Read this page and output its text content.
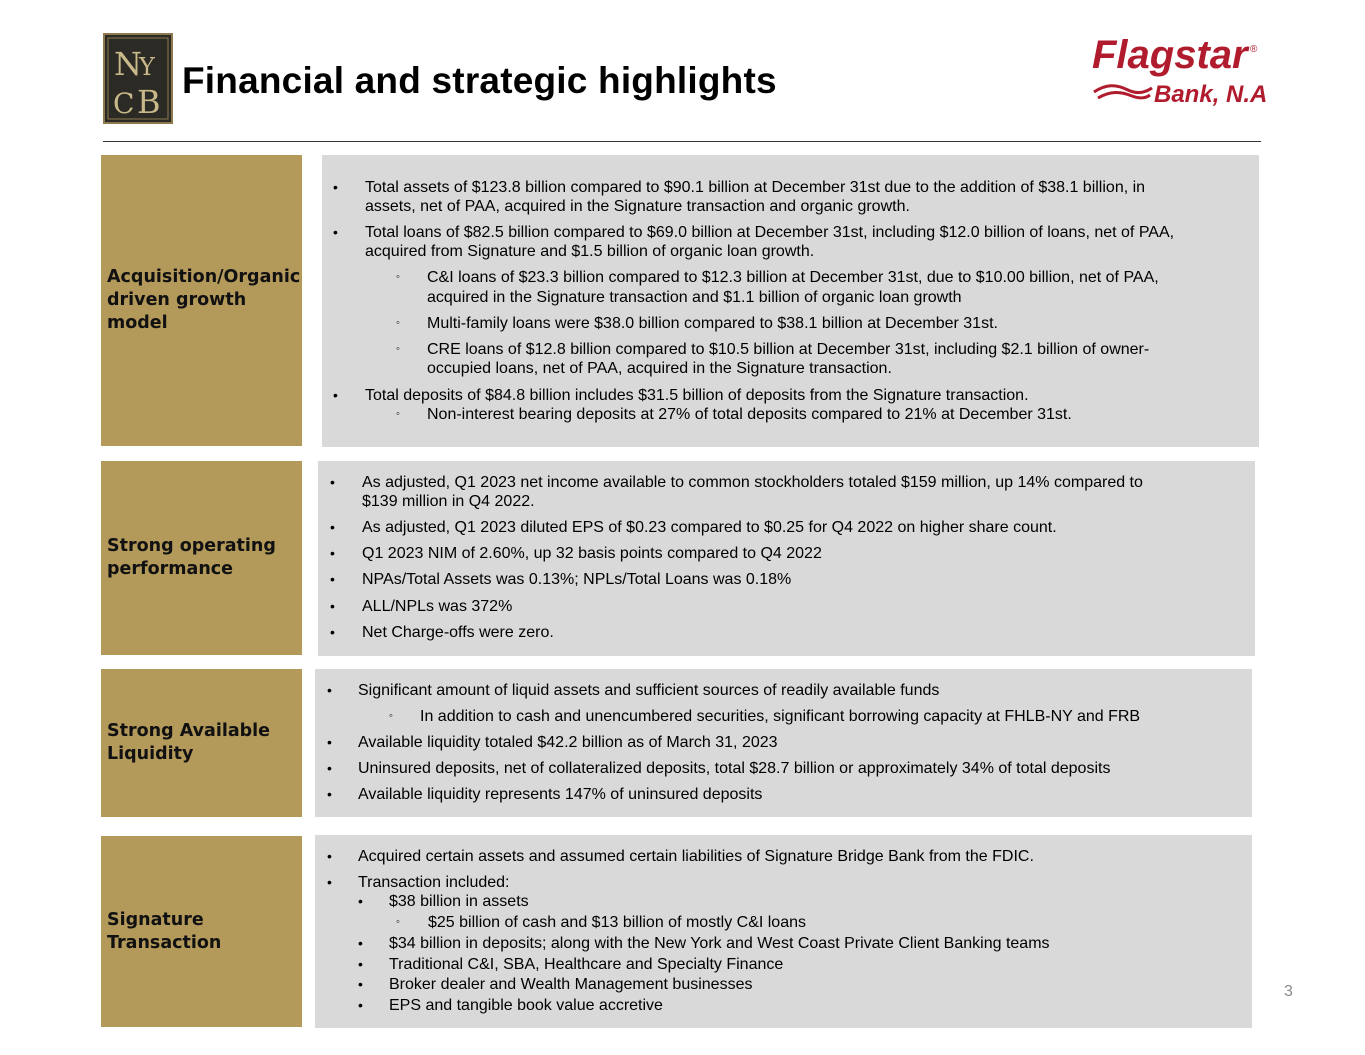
N
Y
C B
Financial and strategic highlights
Flagstar ®
Bank, N.A.
Acquisition/Organic driven growth model
• Total assets of $123.8 billion compared to $90.1 billion at December 31st due to the addition of $38.1 billion, in
assets, net of PAA, acquired in the Signature transaction and organic growth.
• Total loans of $82.5 billion compared to $69.0 billion at December 31st, including $12.0 billion of loans, net of PAA,
acquired from Signature and $1.5 billion of organic loan growth.
◦ C&I loans of $23.3 billion compared to $12.3 billion at December 31st, due to $10.00 billion, net of PAA,
acquired in the Signature transaction and $1.1 billion of organic loan growth
◦ Multi-family loans were $38.0 billion compared to $38.1 billion at December 31st.
◦ CRE loans of $12.8 billion compared to $10.5 billion at December 31st, including $2.1 billion of owner-
occupied loans, net of PAA, acquired in the Signature transaction.
• Total deposits of $84.8 billion includes $31.5 billion of deposits from the Signature transaction.
◦ Non-interest bearing deposits at 27% of total deposits compared to 21% at December 31st.
Strong operating performance
• As adjusted, Q1 2023 net income available to common stockholders totaled $159 million, up 14% compared to
$139 million in Q4 2022.
• As adjusted, Q1 2023 diluted EPS of $0.23 compared to $0.25 for Q4 2022 on higher share count.
• Q1 2023 NIM of 2.60%, up 32 basis points compared to Q4 2022
• NPAs/Total Assets was 0.13%; NPLs/Total Loans was 0.18%
• ALL/NPLs was 372%
• Net Charge-offs were zero.
Strong Available Liquidity
• Significant amount of liquid assets and sufficient sources of readily available funds
◦ In addition to cash and unencumbered securities, significant borrowing capacity at FHLB-NY and FRB
• Available liquidity totaled $42.2 billion as of March 31, 2023
• Uninsured deposits, net of collateralized deposits, total $28.7 billion or approximately 34% of total deposits
• Available liquidity represents 147% of uninsured deposits
Signature Transaction
• Acquired certain assets and assumed certain liabilities of Signature Bridge Bank from the FDIC.
• Transaction included:
• $38 billion in assets
◦ $25 billion of cash and $13 billion of mostly C&I loans
• $34 billion in deposits; along with the New York and West Coast Private Client Banking teams
• Traditional C&I, SBA, Healthcare and Specialty Finance
• Broker dealer and Wealth Management businesses
• EPS and tangible book value accretive
3
